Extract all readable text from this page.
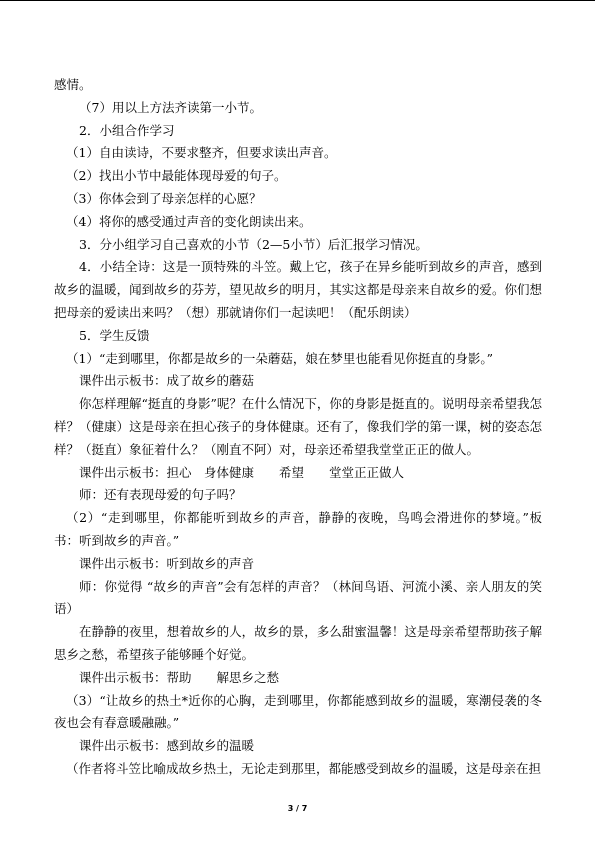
感情。

（7）用以上方法齐读第一小节。

2．小组合作学习

（1）自由读诗，不要求整齐，但要求读出声音。

（2）找出小节中最能体现母爱的句子。

（3）你体会到了母亲怎样的心愿？

（4）将你的感受通过声音的变化朗读出来。

3．分小组学习自己喜欢的小节（2—5小节）后汇报学习情况。

4．小结全诗：这是一顶特殊的斗笠。戴上它，孩子在异乡能听到故乡的声音，感到故乡的温暖，闻到故乡的芬芳，望见故乡的明月，其实这都是母亲来自故乡的爱。你们想把母亲的爱读出来吗？（想）那就请你们一起读吧！（配乐朗读）

5．学生反馈

（1）“走到哪里，你都是故乡的一朵蘑菇，娘在梦里也能看见你挺直的身影。”

课件出示板书：成了故乡的蘑菇

你怎样理解“挺直的身影”呢？在什么情况下，你的身影是挺直的。说明母亲希望我怎样？（健康）这是母亲在担心孩子的身体健康。还有了，像我们学的第一课，树的姿态怎样？（挺直）象征着什么？（刚直不阿）对，母亲还希望我堂堂正正的做人。

课件出示板书：担心　身体健康　　希望　　堂堂正正做人

师：还有表现母爱的句子吗？

（2）“走到哪里，你都能听到故乡的声音，静静的夜晚，鸟鸣会滑进你的梦境。”板书：听到故乡的声音。”

课件出示板书：听到故乡的声音

师：你觉得 “故乡的声音”会有怎样的声音？（林间鸟语、河流小溪、亲人朋友的笑语）

在静静的夜里，想着故乡的人，故乡的景，多么甜蜜温馨！这是母亲希望帮助孩子解思乡之愁，希望孩子能够睡个好觉。

课件出示板书：帮助　　解思乡之愁

（3）“让故乡的热土*近你的心胸，走到哪里，你都能感到故乡的温暖，寒潮侵袭的冬夜也会有春意暖融融。”

课件出示板书：感到故乡的温暖

（作者将斗笠比喻成故乡热土，无论走到那里，都能感受到故乡的温暖，这是母亲在担

3 / 7
